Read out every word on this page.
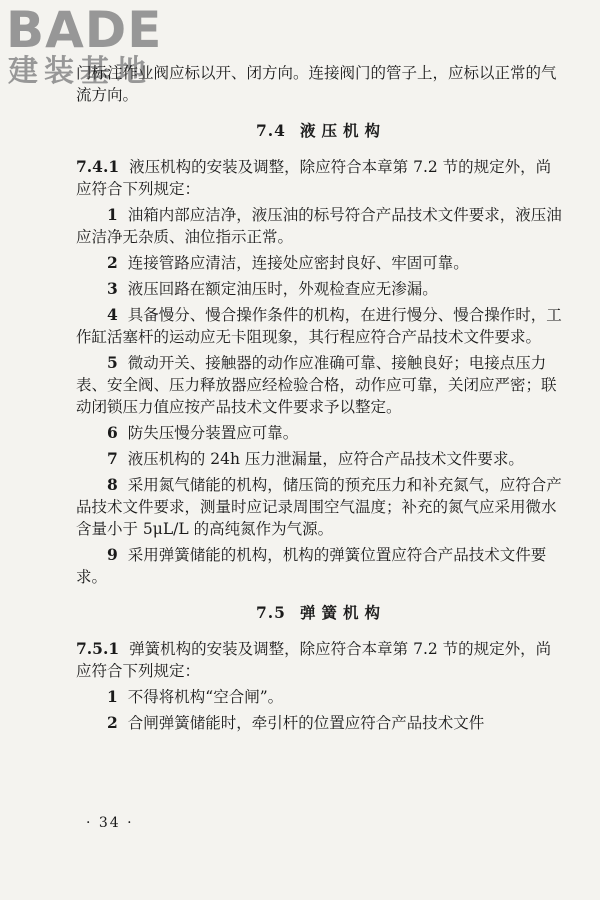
BADE
建装基地

门标注作业阀应标以开、闭方向。连接阀门的管子上，应标以正常的气流方向。

7.4 液压机构

7.4.1 液压机构的安装及调整，除应符合本章第 7.2 节的规定外，尚应符合下列规定：

1 油箱内部应洁净，液压油的标号符合产品技术文件要求，液压油应洁净无杂质、油位指示正常。

2 连接管路应清洁，连接处应密封良好、牢固可靠。

3 液压回路在额定油压时，外观检查应无渗漏。

4 具备慢分、慢合操作条件的机构，在进行慢分、慢合操作时，工作缸活塞杆的运动应无卡阻现象，其行程应符合产品技术文件要求。

5 微动开关、接触器的动作应准确可靠、接触良好；电接点压力表、安全阀、压力释放器应经检验合格，动作应可靠，关闭应严密；联动闭锁压力值应按产品技术文件要求予以整定。

6 防失压慢分装置应可靠。

7 液压机构的 24h 压力泄漏量，应符合产品技术文件要求。

8 采用氮气储能的机构，储压筒的预充压力和补充氮气，应符合产品技术文件要求，测量时应记录周围空气温度；补充的氮气应采用微水含量小于 5μL/L 的高纯氮作为气源。

9 采用弹簧储能的机构，机构的弹簧位置应符合产品技术文件要求。

7.5 弹簧机构

7.5.1 弹簧机构的安装及调整，除应符合本章第 7.2 节的规定外，尚应符合下列规定：

1 不得将机构“空合闸”。

2 合闸弹簧储能时，牵引杆的位置应符合产品技术文件

· 34 ·
